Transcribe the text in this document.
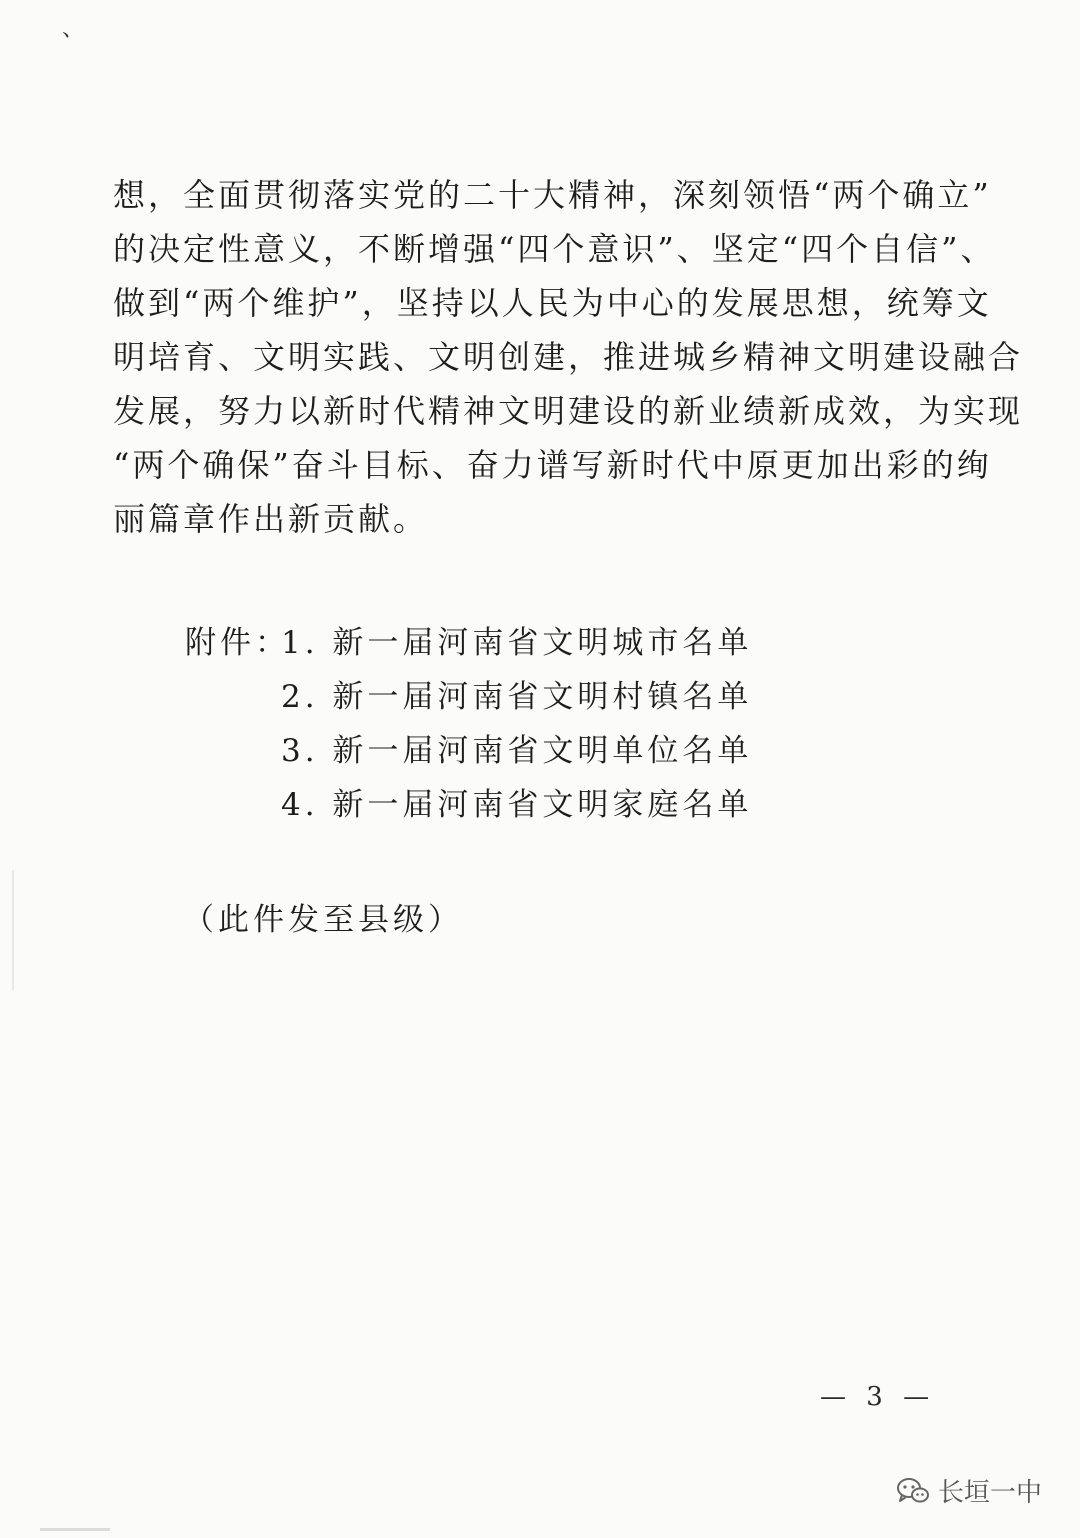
、
想，全面贯彻落实党的二十大精神，深刻领悟“两个确立”
的决定性意义，不断增强“四个意识”、坚定“四个自信”、
做到“两个维护”，坚持以人民为中心的发展思想，统筹文
明培育、文明实践、文明创建，推进城乡精神文明建设融合
发展，努力以新时代精神文明建设的新业绩新成效，为实现
“两个确保”奋斗目标、奋力谱写新时代中原更加出彩的绚
丽篇章作出新贡献。
附件：
1. 新一届河南省文明城市名单
2. 新一届河南省文明村镇名单
3. 新一届河南省文明单位名单
4. 新一届河南省文明家庭名单
（此件发至县级）
— 3 —
长垣一中
